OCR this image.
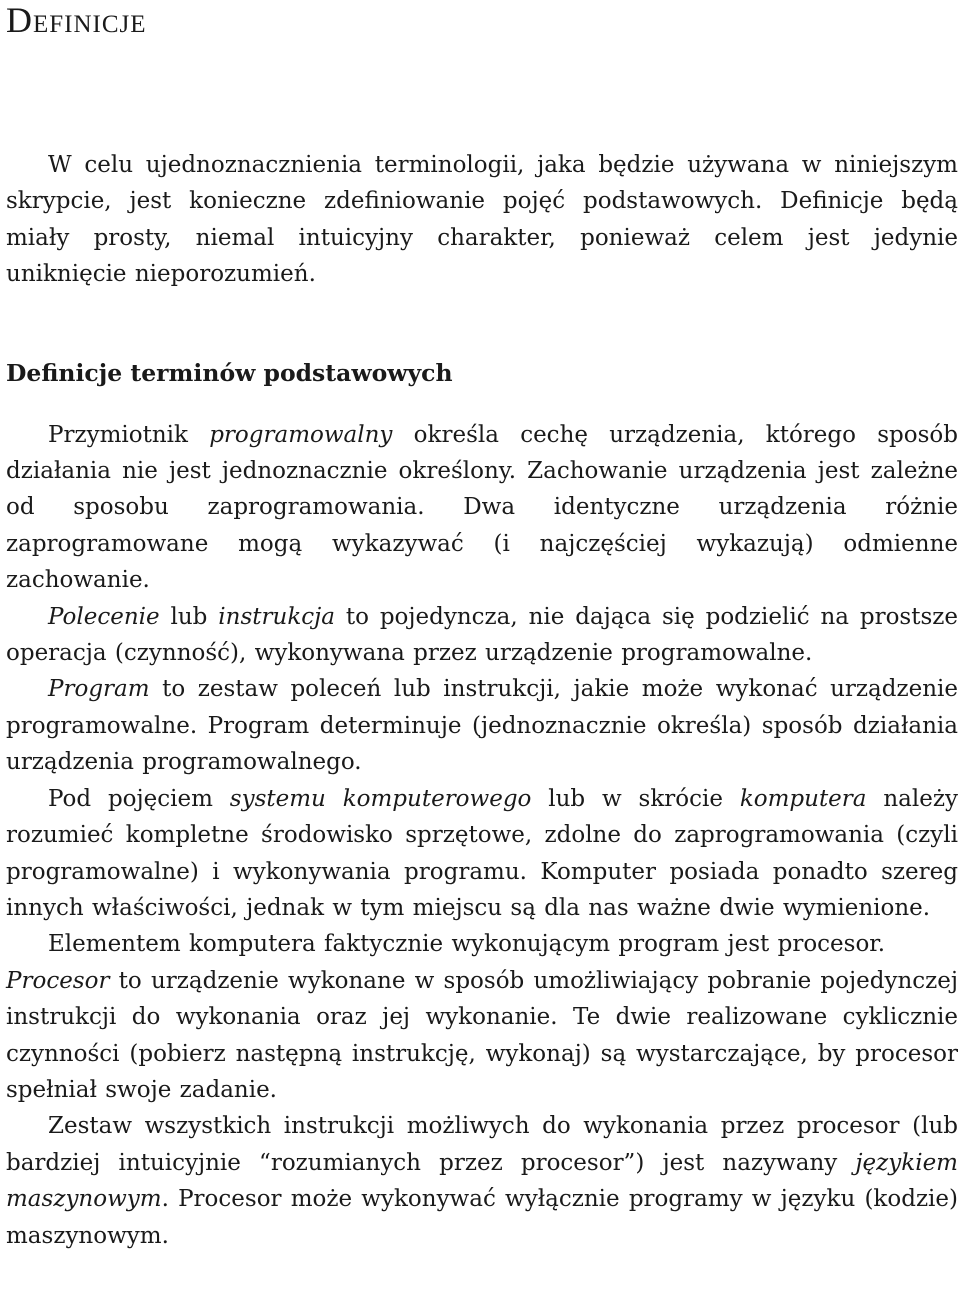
Definicje

W celu ujednoznacznienia terminologii, jaka będzie używana w niniejszym skrypcie, jest konieczne zdefiniowanie pojęć podstawowych. Definicje będą miały prosty, niemal intuicyjny charakter, ponieważ celem jest jedynie uniknięcie nieporozumień.

Definicje terminów podstawowych

Przymiotnik programowalny określa cechę urządzenia, którego sposób działania nie jest jednoznacznie określony. Zachowanie urządzenia jest zależne od sposobu zaprogramowania. Dwa identyczne urządzenia różnie zaprogramowane mogą wykazywać (i najczęściej wykazują) odmienne zachowanie.

Polecenie lub instrukcja to pojedyncza, nie dająca się podzielić na prostsze operacja (czynność), wykonywana przez urządzenie programowalne.

Program to zestaw poleceń lub instrukcji, jakie może wykonać urządzenie programowalne. Program determinuje (jednoznacznie określa) sposób działania urządzenia programowalnego.

Pod pojęciem systemu komputerowego lub w skrócie komputera należy rozumieć kompletne środowisko sprzętowe, zdolne do zaprogramowania (czyli programowalne) i wykonywania programu. Komputer posiada ponadto szereg innych właściwości, jednak w tym miejscu są dla nas ważne dwie wymienione.

Elementem komputera faktycznie wykonującym program jest procesor.

Procesor to urządzenie wykonane w sposób umożliwiający pobranie pojedynczej instrukcji do wykonania oraz jej wykonanie. Te dwie realizowane cyklicznie czynności (pobierz następną instrukcję, wykonaj) są wystarczające, by procesor spełniał swoje zadanie.

Zestaw wszystkich instrukcji możliwych do wykonania przez procesor (lub bardziej intuicyjnie “rozumianych przez procesor”) jest nazywany językiem maszynowym. Procesor może wykonywać wyłącznie programy w języku (kodzie) maszynowym.
